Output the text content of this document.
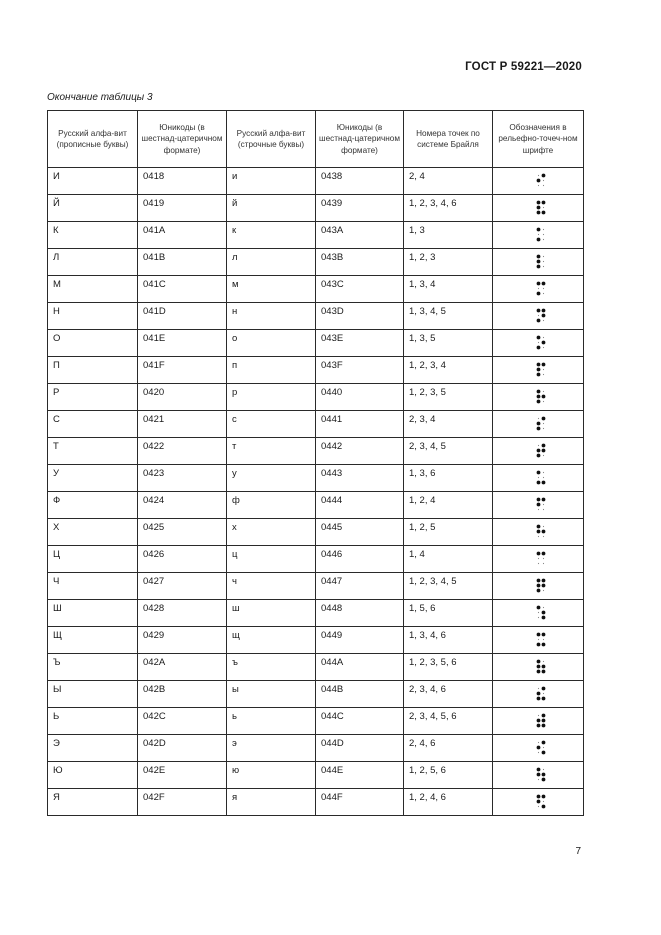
ГОСТ Р 59221—2020
Окончание таблицы 3
Русский алфа-вит (прописные буквы)	Юникоды (в шестнад-цатеричном формате)	Русский алфа-вит (строчные буквы)	Юникоды (в шестнад-цатеричном формате)	Номера точек по системе Брайля	Обозначения в рельефно-точеч-ном шрифте
И	0418	и	0438	2, 4	

Й	0419	й	0439	1, 2, 3, 4, 6	

К	041A	к	043A	1, 3	

Л	041B	л	043B	1, 2, 3	

М	041C	м	043C	1, 3, 4	

Н	041D	н	043D	1, 3, 4, 5	

О	041E	о	043E	1, 3, 5	

П	041F	п	043F	1, 2, 3, 4	

Р	0420	р	0440	1, 2, 3, 5	

С	0421	с	0441	2, 3, 4	

Т	0422	т	0442	2, 3, 4, 5	

У	0423	у	0443	1, 3, 6	

Ф	0424	ф	0444	1, 2, 4	

Х	0425	х	0445	1, 2, 5	

Ц	0426	ц	0446	1, 4	

Ч	0427	ч	0447	1, 2, 3, 4, 5	

Ш	0428	ш	0448	1, 5, 6	

Щ	0429	щ	0449	1, 3, 4, 6	

Ъ	042A	ъ	044A	1, 2, 3, 5, 6	

Ы	042B	ы	044B	2, 3, 4, 6	

Ь	042C	ь	044C	2, 3, 4, 5, 6	

Э	042D	э	044D	2, 4, 6	

Ю	042E	ю	044E	1, 2, 5, 6	

Я	042F	я	044F	1, 2, 4, 6	
7
